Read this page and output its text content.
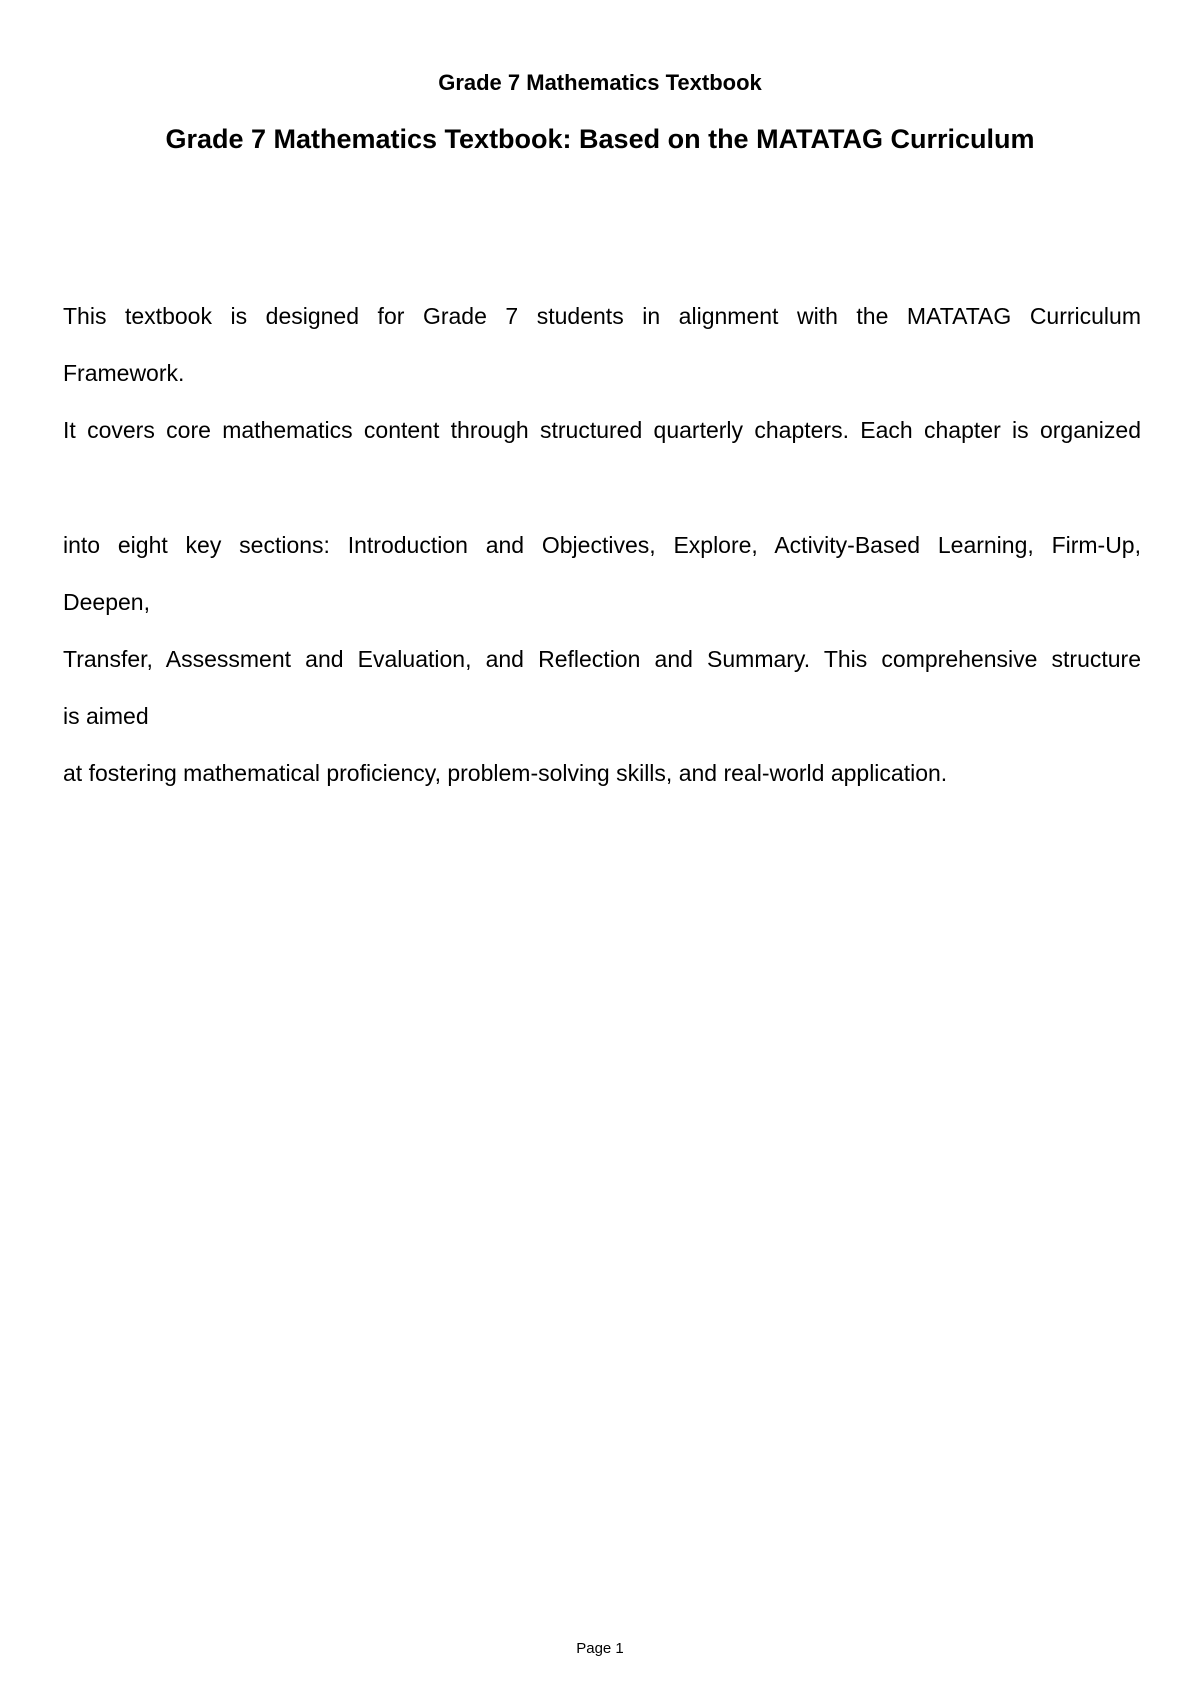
Grade 7 Mathematics Textbook
Grade 7 Mathematics Textbook: Based on the MATATAG Curriculum
This textbook is designed for Grade 7 students in alignment with the MATATAG Curriculum
Framework.
It covers core mathematics content through structured quarterly chapters. Each chapter is organized
into eight key sections: Introduction and Objectives, Explore, Activity-Based Learning, Firm-Up,
Deepen,
Transfer, Assessment and Evaluation, and Reflection and Summary. This comprehensive structure
is aimed
at fostering mathematical proficiency, problem-solving skills, and real-world application.
Page 1
